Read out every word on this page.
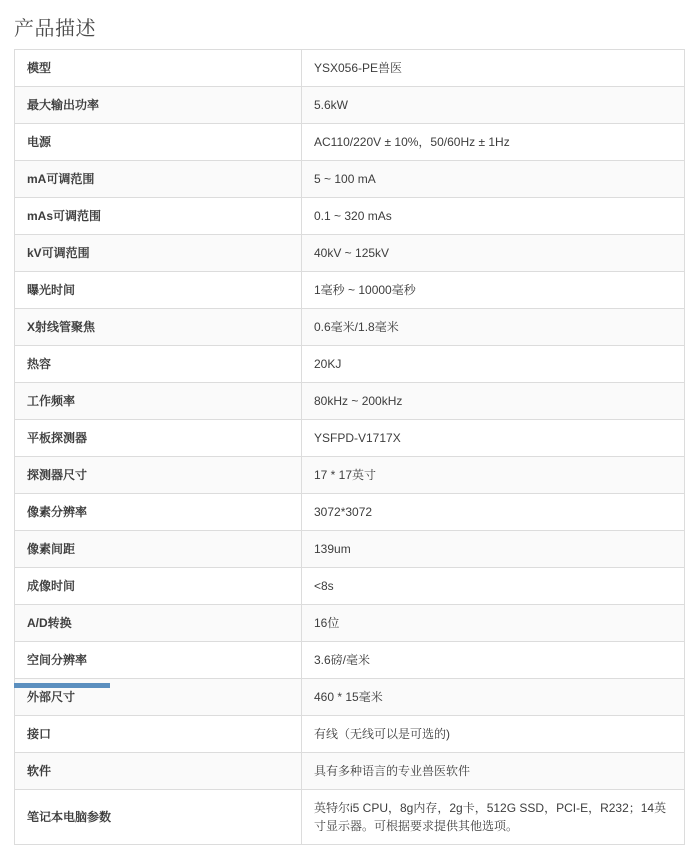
产品描述
模型	YSX056-PE兽医
最大输出功率	5.6kW
电源	AC110/220V ± 10%，50/60Hz ± 1Hz
mA可调范围	5 ~ 100 mA
mAs可调范围	0.1 ~ 320 mAs
kV可调范围	40kV ~ 125kV
曝光时间	1毫秒 ~ 10000毫秒
X射线管聚焦	0.6毫米/1.8毫米
热容	20KJ
工作频率	80kHz ~ 200kHz
平板探测器	YSFPD-V1717X
探测器尺寸	17 * 17英寸
像素分辨率	3072*3072
像素间距	139um
成像时间	<8s
A/D转换	16位
空间分辨率	3.6磅/毫米
外部尺寸	460 * 15毫米
接口	有线（无线可以是可选的)
软件	具有多种语言的专业兽医软件
笔记本电脑参数	英特尔i5 CPU，8g内存，2g卡，512G SSD，PCI-E，R232；14英寸显示器。可根据要求提供其他选项。
